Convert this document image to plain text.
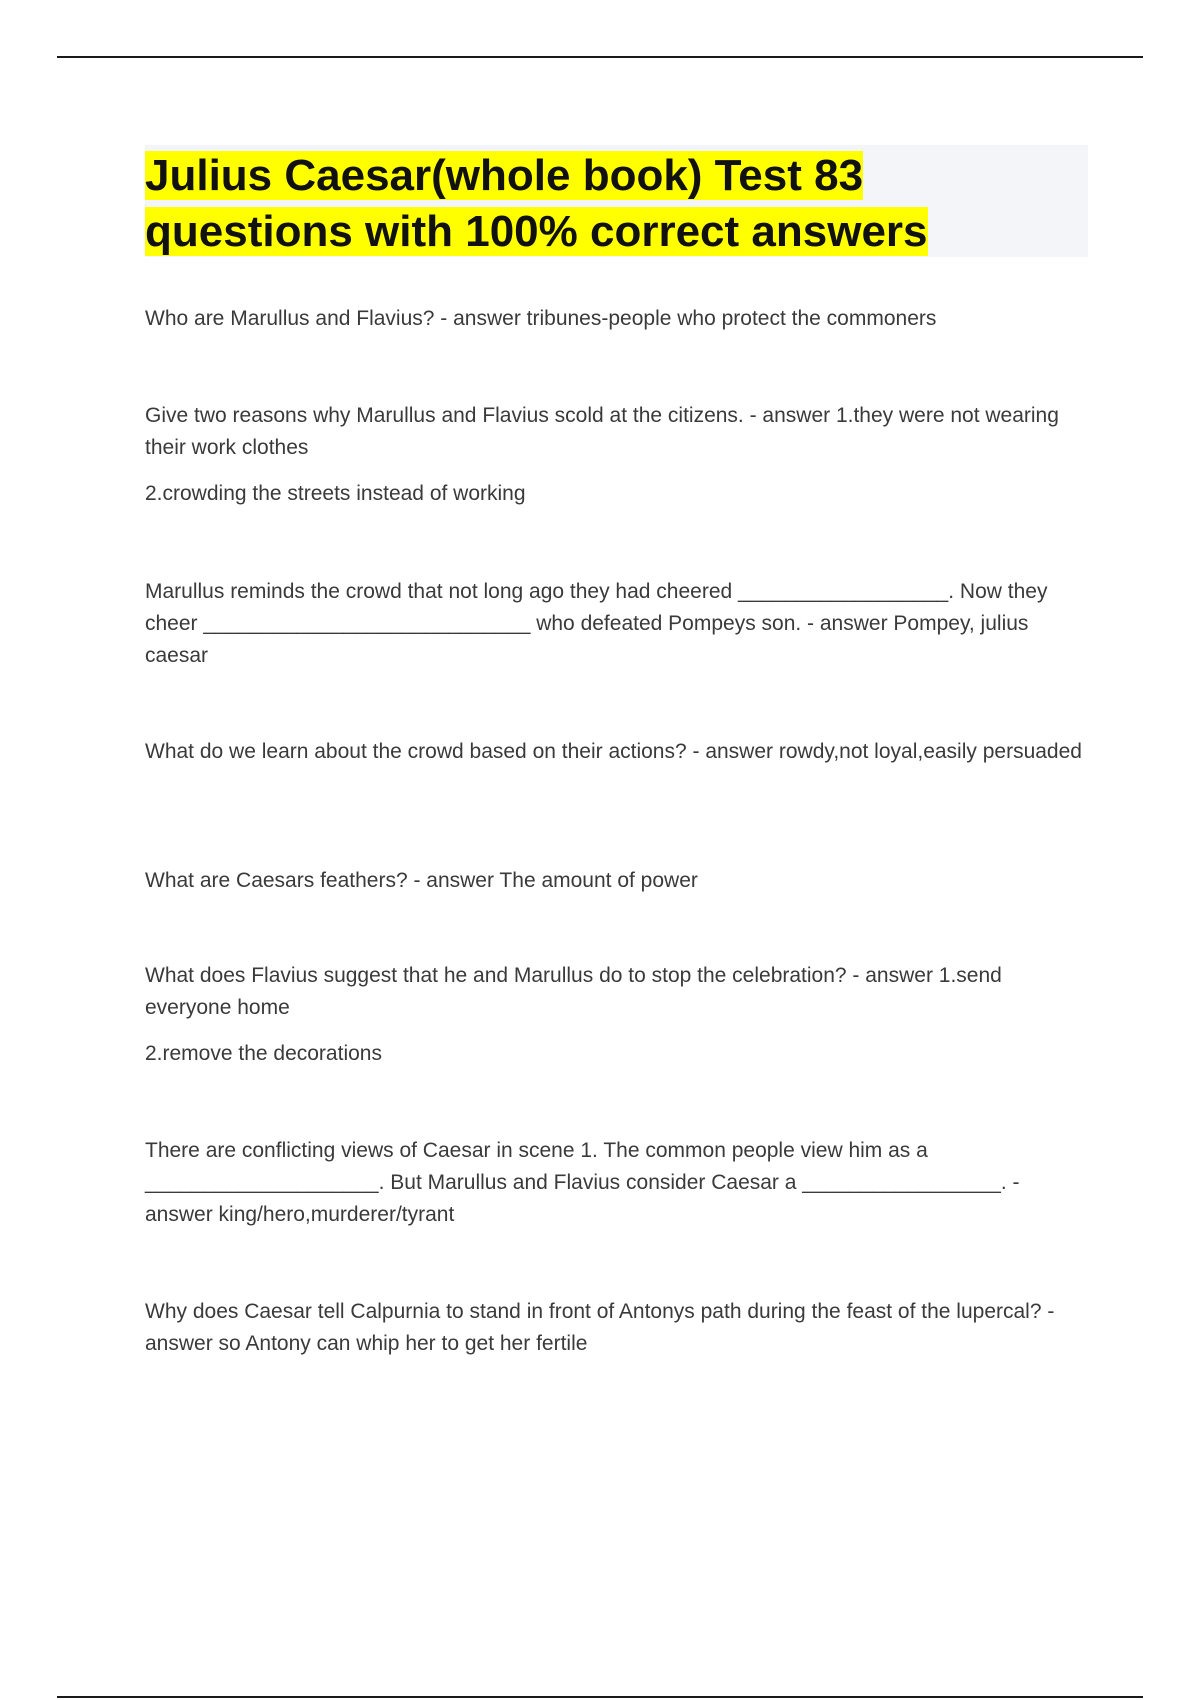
Julius Caesar(whole book) Test 83
questions with 100% correct answers

Who are Marullus and Flavius? - answer tribunes-people who protect the commoners

Give two reasons why Marullus and Flavius scold at the citizens. - answer 1.they were not wearing their work clothes

2.crowding the streets instead of working

Marullus reminds the crowd that not long ago they had cheered __________________. Now they cheer ____________________________ who defeated Pompeys son. - answer Pompey, julius caesar

What do we learn about the crowd based on their actions? - answer rowdy,not loyal,easily persuaded

What are Caesars feathers? - answer The amount of power

What does Flavius suggest that he and Marullus do to stop the celebration? - answer 1.send everyone home

2.remove the decorations

There are conflicting views of Caesar in scene 1. The common people view him as a ____________________. But Marullus and Flavius consider Caesar a _________________. - answer king/hero,murderer/tyrant

Why does Caesar tell Calpurnia to stand in front of Antonys path during the feast of the lupercal? - answer so Antony can whip her to get her fertile
